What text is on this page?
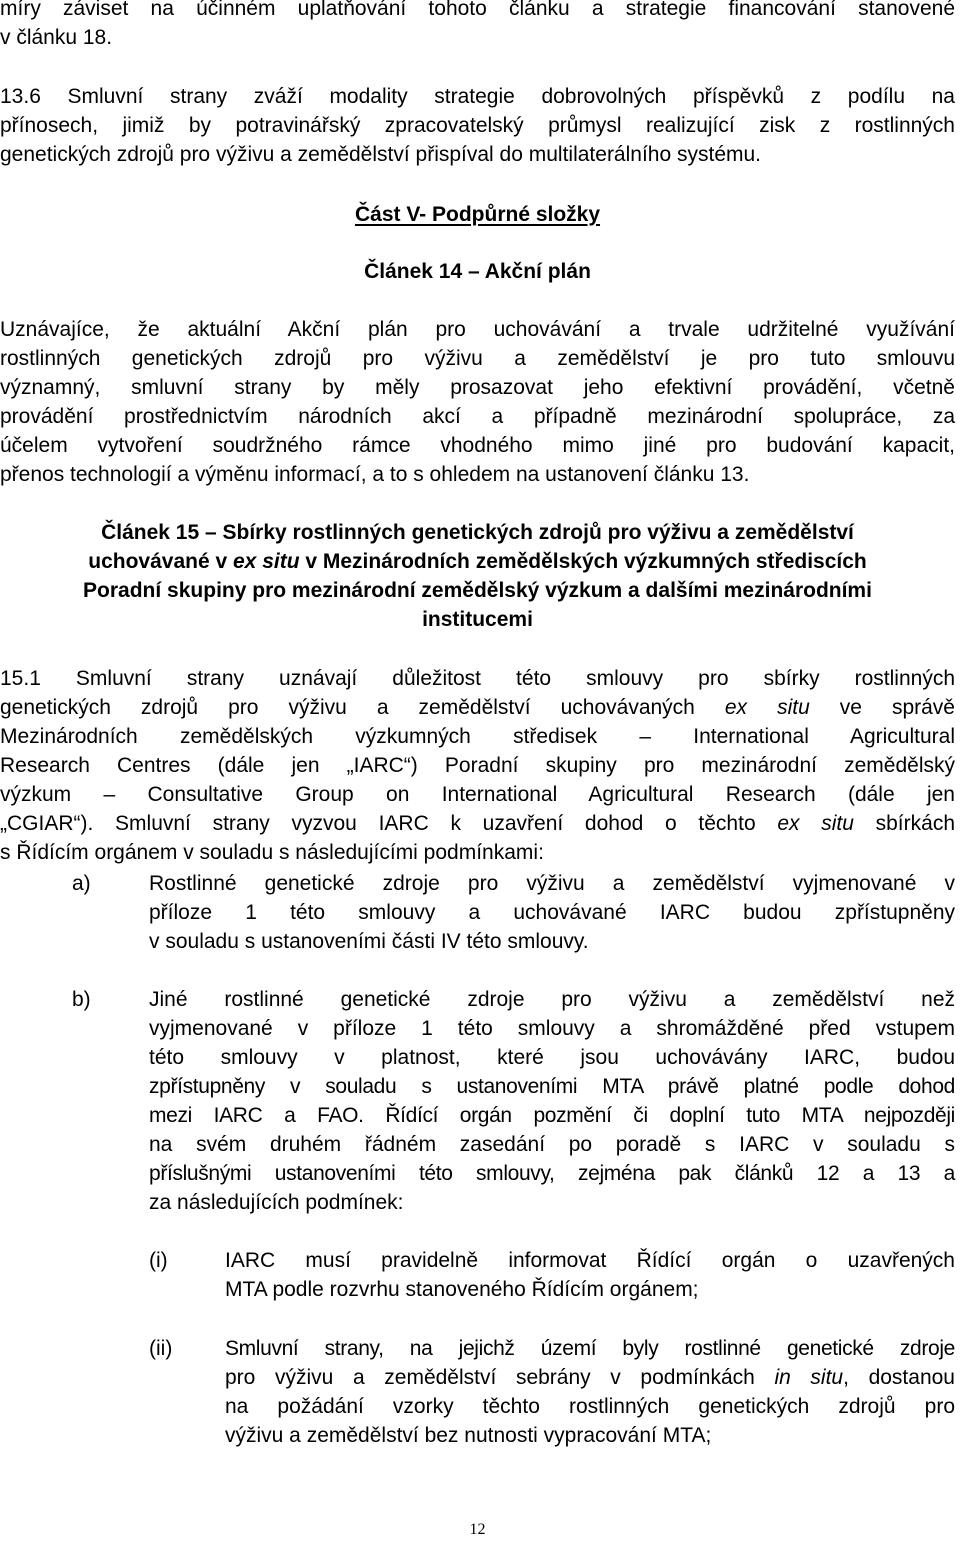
míry záviset na účinném uplatňování tohoto článku a strategie financování stanovené
v článku 18.
13.6 Smluvní strany zváží modality strategie dobrovolných příspěvků z podílu na
přínosech, jimiž by potravinářský zpracovatelský průmysl realizující zisk z rostlinných
genetických zdrojů pro výživu a zemědělství přispíval do multilaterálního systému.
Část V- Podpůrné složky
Článek 14 – Akční plán
Uznávajíce, že aktuální Akční plán pro uchovávání a trvale udržitelné využívání
rostlinných genetických zdrojů pro výživu a zemědělství je pro tuto smlouvu
významný, smluvní strany by měly prosazovat jeho efektivní provádění, včetně
provádění prostřednictvím národních akcí a případně mezinárodní spolupráce, za
účelem vytvoření soudržného rámce vhodného mimo jiné pro budování kapacit,
přenos technologií a výměnu informací, a to s ohledem na ustanovení článku 13.
Článek 15 – Sbírky rostlinných genetických zdrojů pro výživu a zemědělství
uchovávané v ex situ v Mezinárodních zemědělských výzkumných střediscích
Poradní skupiny pro mezinárodní zemědělský výzkum a dalšími mezinárodními
institucemi
15.1 Smluvní strany uznávají důležitost této smlouvy pro sbírky rostlinných
genetických zdrojů pro výživu a zemědělství uchovávaných ex situ ve správě
Mezinárodních zemědělských výzkumných středisek – International Agricultural
Research Centres (dále jen „IARC“) Poradní skupiny pro mezinárodní zemědělský
výzkum – Consultative Group on International Agricultural Research (dále jen
„CGIAR“). Smluvní strany vyzvou IARC k uzavření dohod o těchto ex situ sbírkách
s Řídícím orgánem v souladu s následujícími podmínkami:
a)	Rostlinné genetické zdroje pro výživu a zemědělství vyjmenované v
příloze 1 této smlouvy a uchovávané IARC budou zpřístupněny
v souladu s ustanoveními části IV této smlouvy.
b)	Jiné rostlinné genetické zdroje pro výživu a zemědělství než
vyjmenované v příloze 1 této smlouvy a shromážděné před vstupem
této smlouvy v platnost, které jsou uchovávány IARC, budou
zpřístupněny v souladu s ustanoveními MTA právě platné podle dohod
mezi IARC a FAO. Řídící orgán pozmění či doplní tuto MTA nejpozději
na svém druhém řádném zasedání po poradě s IARC v souladu s
příslušnými ustanoveními této smlouvy, zejména pak článků 12 a 13 a
za následujících podmínek:
(i)	IARC musí pravidelně informovat Řídící orgán o uzavřených
MTA podle rozvrhu stanoveného Řídícím orgánem;
(ii)	Smluvní strany, na jejichž území byly rostlinné genetické zdroje
pro výživu a zemědělství sebrány v podmínkách in situ, dostanou
na požádání vzorky těchto rostlinných genetických zdrojů pro
výživu a zemědělství bez nutnosti vypracování MTA;
12
